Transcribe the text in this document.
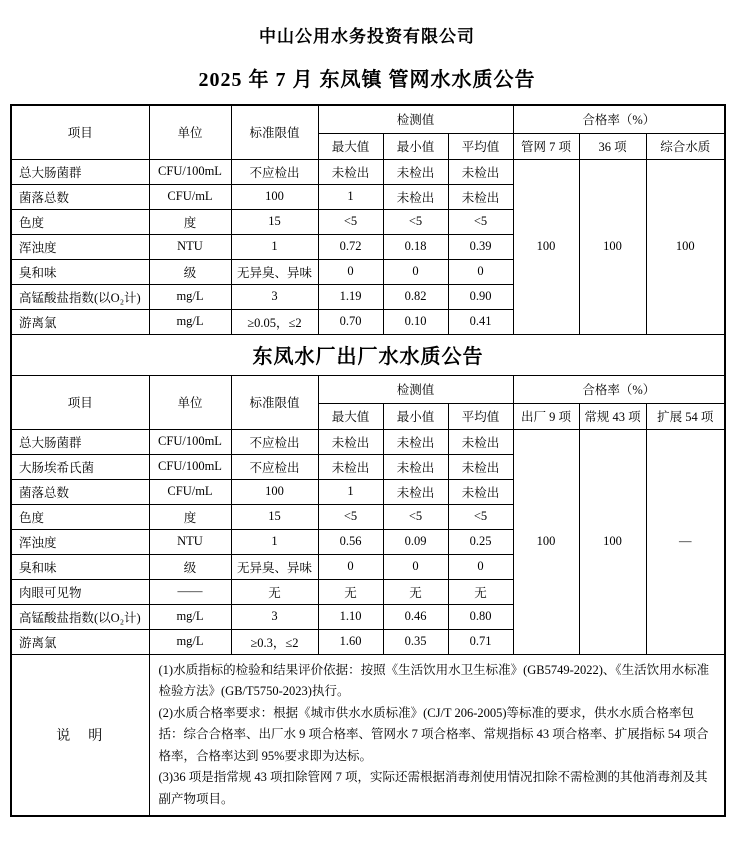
中山公用水务投资有限公司
2025 年 7 月 东凤镇 管网水水质公告
项目	单位	标准限值	检测值			合格率（%）		
			最大值	最小值	平均值	管网 7 项	36 项	综合水质
总大肠菌群	CFU/100mL	不应检出	未检出	未检出	未检出	100	100	100
菌落总数	CFU/mL	100	1	未检出	未检出			
色度	度	15	<5	<5	<5			
浑浊度	NTU	1	0.72	0.18	0.39			
臭和味	级	无异臭、异味	0	0	0			
高锰酸盐指数(以O₂计)	mg/L	3	1.19	0.82	0.90			
游离氯	mg/L	≥0.05，≤2	0.70	0.10	0.41			
东凤水厂出厂水水质公告								
项目	单位	标准限值	检测值			合格率（%）		
			最大值	最小值	平均值	出厂 9 项	常规 43 项	扩展 54 项
总大肠菌群	CFU/100mL	不应检出	未检出	未检出	未检出	100	100	—
大肠埃希氏菌	CFU/100mL	不应检出	未检出	未检出	未检出			
菌落总数	CFU/mL	100	1	未检出	未检出			
色度	度	15	<5	<5	<5			
浑浊度	NTU	1	0.56	0.09	0.25			
臭和味	级	无异臭、异味	0	0	0			
肉眼可见物	——	无	无	无	无			
高锰酸盐指数(以O₂计)	mg/L	3	1.10	0.46	0.80			
游离氯	mg/L	≥0.3，≤2	1.60	0.35	0.71			
说　明	(1)水质指标的检验和结果评价依据：按照《生活饮用水卫生标准》(GB5749-2022)、《生活饮用水标准检验方法》(GB/T5750-2023)执行。

(2)水质合格率要求：根据《城市供水水质标准》(CJ/T 206-2005)等标准的要求，供水水质合格率包括：综合合格率、出厂水 9 项合格率、管网水 7 项合格率、常规指标 43 项合格率、扩展指标 54 项合格率，合格率达到 95%要求即为达标。

(3)36 项是指常规 43 项扣除管网 7 项，实际还需根据消毒剂使用情况扣除不需检测的其他消毒剂及其副产物项目。							
